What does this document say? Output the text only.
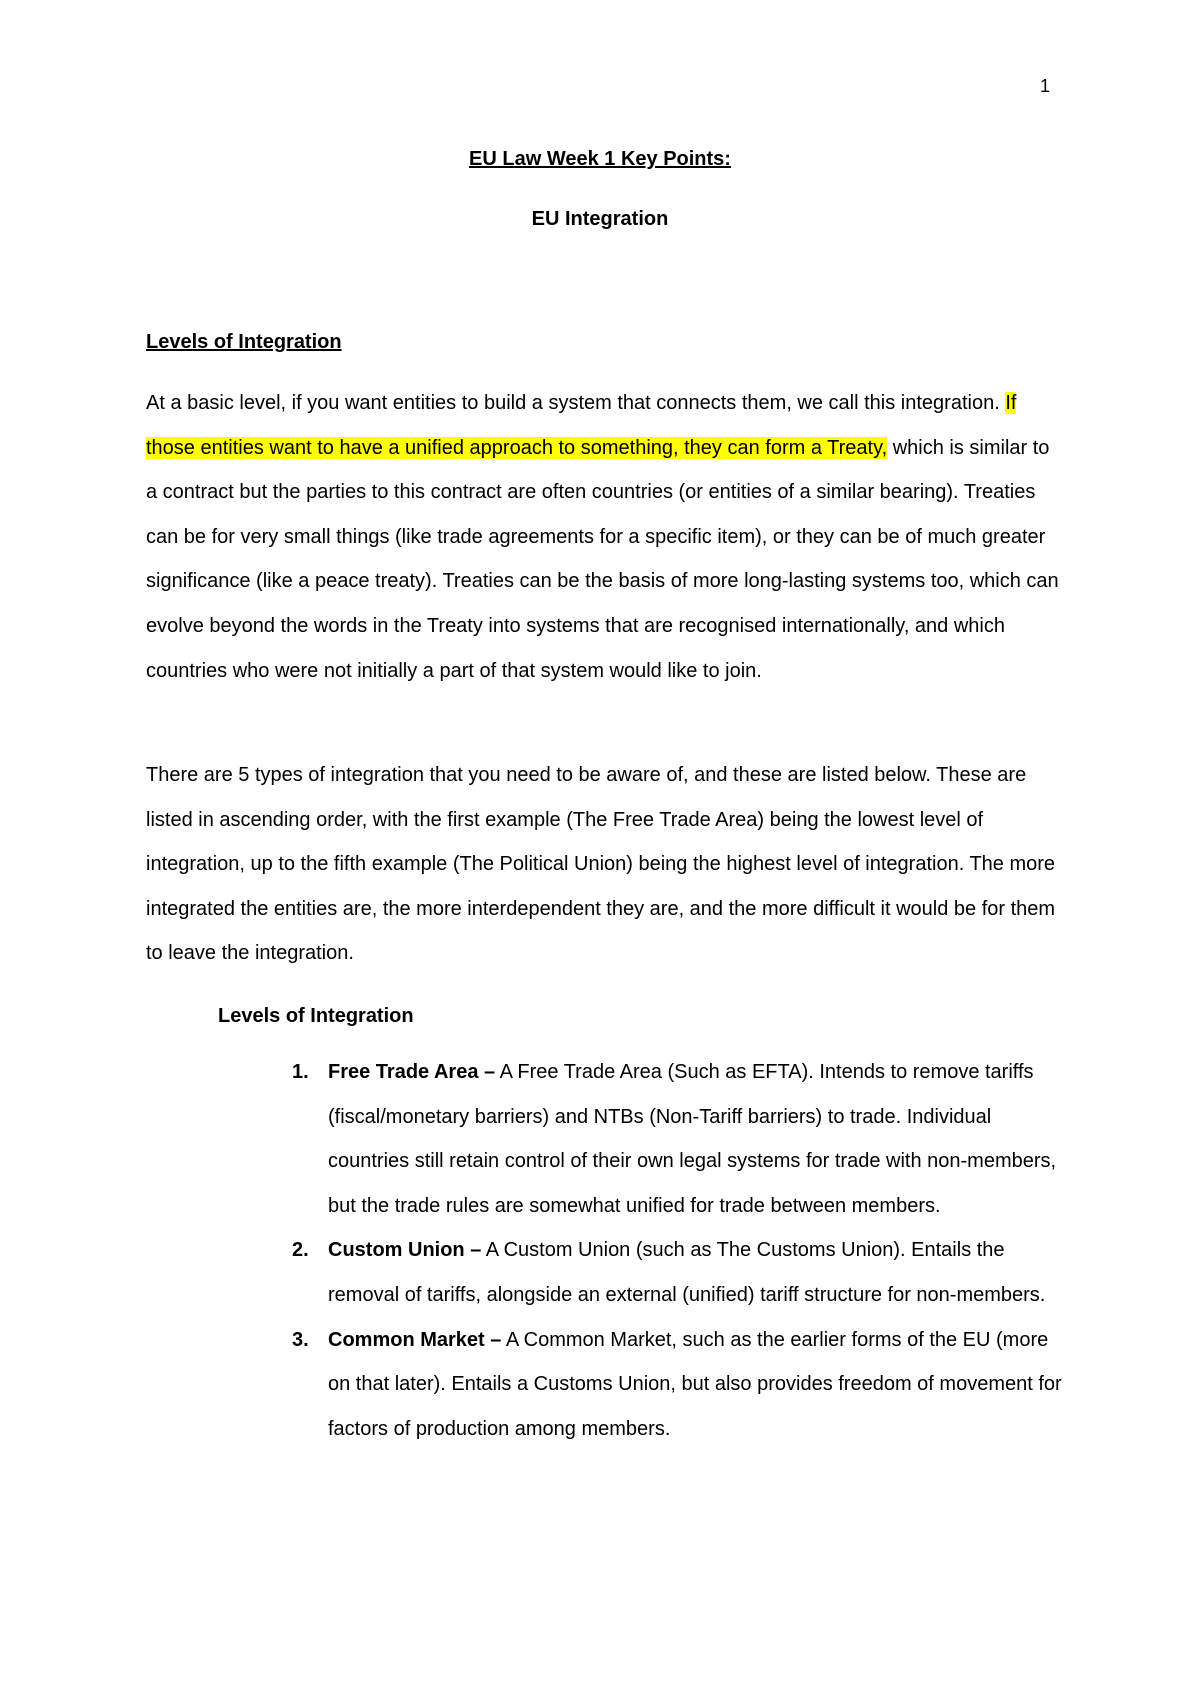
1
EU Law Week 1 Key Points:
EU Integration
Levels of Integration

At a basic level, if you want entities to build a system that connects them, we call this integration. If those entities want to have a unified approach to something, they can form a Treaty, which is similar to a contract but the parties to this contract are often countries (or entities of a similar bearing). Treaties can be for very small things (like trade agreements for a specific item), or they can be of much greater significance (like a peace treaty). Treaties can be the basis of more long-lasting systems too, which can evolve beyond the words in the Treaty into systems that are recognised internationally, and which countries who were not initially a part of that system would like to join.

There are 5 types of integration that you need to be aware of, and these are listed below. These are listed in ascending order, with the first example (The Free Trade Area) being the lowest level of integration, up to the fifth example (The Political Union) being the highest level of integration. The more integrated the entities are, the more interdependent they are, and the more difficult it would be for them to leave the integration.

Levels of Integration
1. Free Trade Area – A Free Trade Area (Such as EFTA). Intends to remove tariffs (fiscal/monetary barriers) and NTBs (Non-Tariff barriers) to trade. Individual countries still retain control of their own legal systems for trade with non-members, but the trade rules are somewhat unified for trade between members.
2. Custom Union – A Custom Union (such as The Customs Union). Entails the removal of tariffs, alongside an external (unified) tariff structure for non-members.
3. Common Market – A Common Market, such as the earlier forms of the EU (more on that later). Entails a Customs Union, but also provides freedom of movement for factors of production among members.
